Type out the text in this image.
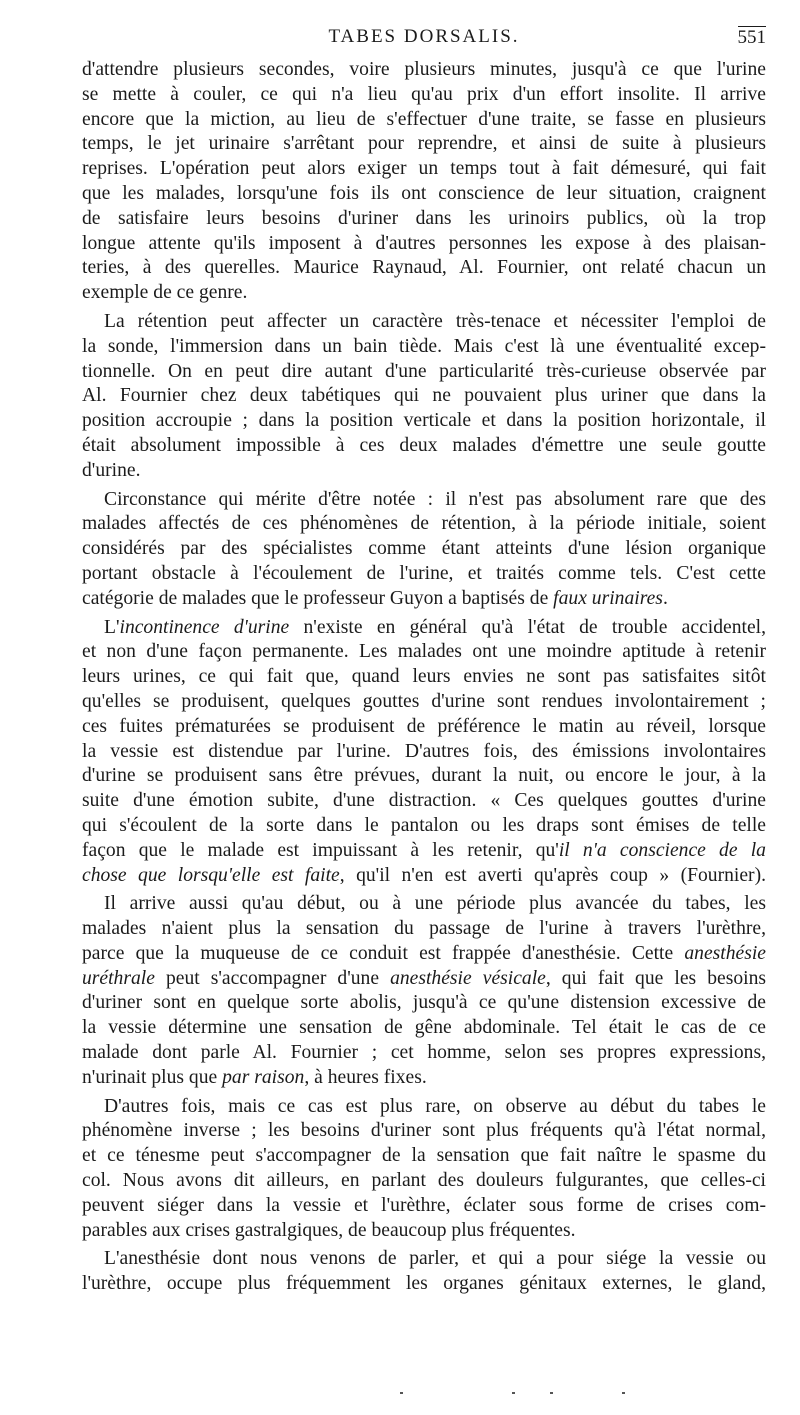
TABES DORSALIS.	551
d'attendre plusieurs secondes, voire plusieurs minutes, jusqu'à ce que l'urine
se mette à couler, ce qui n'a lieu qu'au prix d'un effort insolite. Il arrive
encore que la miction, au lieu de s'effectuer d'une traite, se fasse en plusieurs
temps, le jet urinaire s'arrêtant pour reprendre, et ainsi de suite à plusieurs
reprises. L'opération peut alors exiger un temps tout à fait démesuré, qui fait
que les malades, lorsqu'une fois ils ont conscience de leur situation, craignent
de satisfaire leurs besoins d'uriner dans les urinoirs publics, où la trop
longue attente qu'ils imposent à d'autres personnes les expose à des plaisan-
teries, à des querelles. Maurice Raynaud, Al. Fournier, ont relaté chacun un
exemple de ce genre.
La rétention peut affecter un caractère très-tenace et nécessiter l'emploi de
la sonde, l'immersion dans un bain tiède. Mais c'est là une éventualité excep-
tionnelle. On en peut dire autant d'une particularité très-curieuse observée par
Al. Fournier chez deux tabétiques qui ne pouvaient plus uriner que dans la
position accroupie ; dans la position verticale et dans la position horizontale, il
était absolument impossible à ces deux malades d'émettre une seule goutte
d'urine.
Circonstance qui mérite d'être notée : il n'est pas absolument rare que des
malades affectés de ces phénomènes de rétention, à la période initiale, soient
considérés par des spécialistes comme étant atteints d'une lésion organique
portant obstacle à l'écoulement de l'urine, et traités comme tels. C'est cette
catégorie de malades que le professeur Guyon a baptisés de faux urinaires.
L'incontinence d'urine n'existe en général qu'à l'état de trouble accidentel,
et non d'une façon permanente. Les malades ont une moindre aptitude à retenir
leurs urines, ce qui fait que, quand leurs envies ne sont pas satisfaites sitôt
qu'elles se produisent, quelques gouttes d'urine sont rendues involontairement ;
ces fuites prématurées se produisent de préférence le matin au réveil, lorsque
la vessie est distendue par l'urine. D'autres fois, des émissions involontaires
d'urine se produisent sans être prévues, durant la nuit, ou encore le jour, à la
suite d'une émotion subite, d'une distraction. « Ces quelques gouttes d'urine
qui s'écoulent de la sorte dans le pantalon ou les draps sont émises de telle
façon que le malade est impuissant à les retenir, qu'il n'a conscience de la
chose que lorsqu'elle est faite, qu'il n'en est averti qu'après coup » (Fournier).
Il arrive aussi qu'au début, ou à une période plus avancée du tabes, les
malades n'aient plus la sensation du passage de l'urine à travers l'urèthre,
parce que la muqueuse de ce conduit est frappée d'anesthésie. Cette anesthésie
uréthrale peut s'accompagner d'une anesthésie vésicale, qui fait que les besoins
d'uriner sont en quelque sorte abolis, jusqu'à ce qu'une distension excessive de
la vessie détermine une sensation de gêne abdominale. Tel était le cas de ce
malade dont parle Al. Fournier ; cet homme, selon ses propres expressions,
n'urinait plus que par raison, à heures fixes.
D'autres fois, mais ce cas est plus rare, on observe au début du tabes le
phénomène inverse ; les besoins d'uriner sont plus fréquents qu'à l'état normal,
et ce ténesme peut s'accompagner de la sensation que fait naître le spasme du
col. Nous avons dit ailleurs, en parlant des douleurs fulgurantes, que celles-ci
peuvent siéger dans la vessie et l'urèthre, éclater sous forme de crises com-
parables aux crises gastralgiques, de beaucoup plus fréquentes.
L'anesthésie dont nous venons de parler, et qui a pour siége la vessie ou
l'urèthre, occupe plus fréquemment les organes génitaux externes, le gland,
